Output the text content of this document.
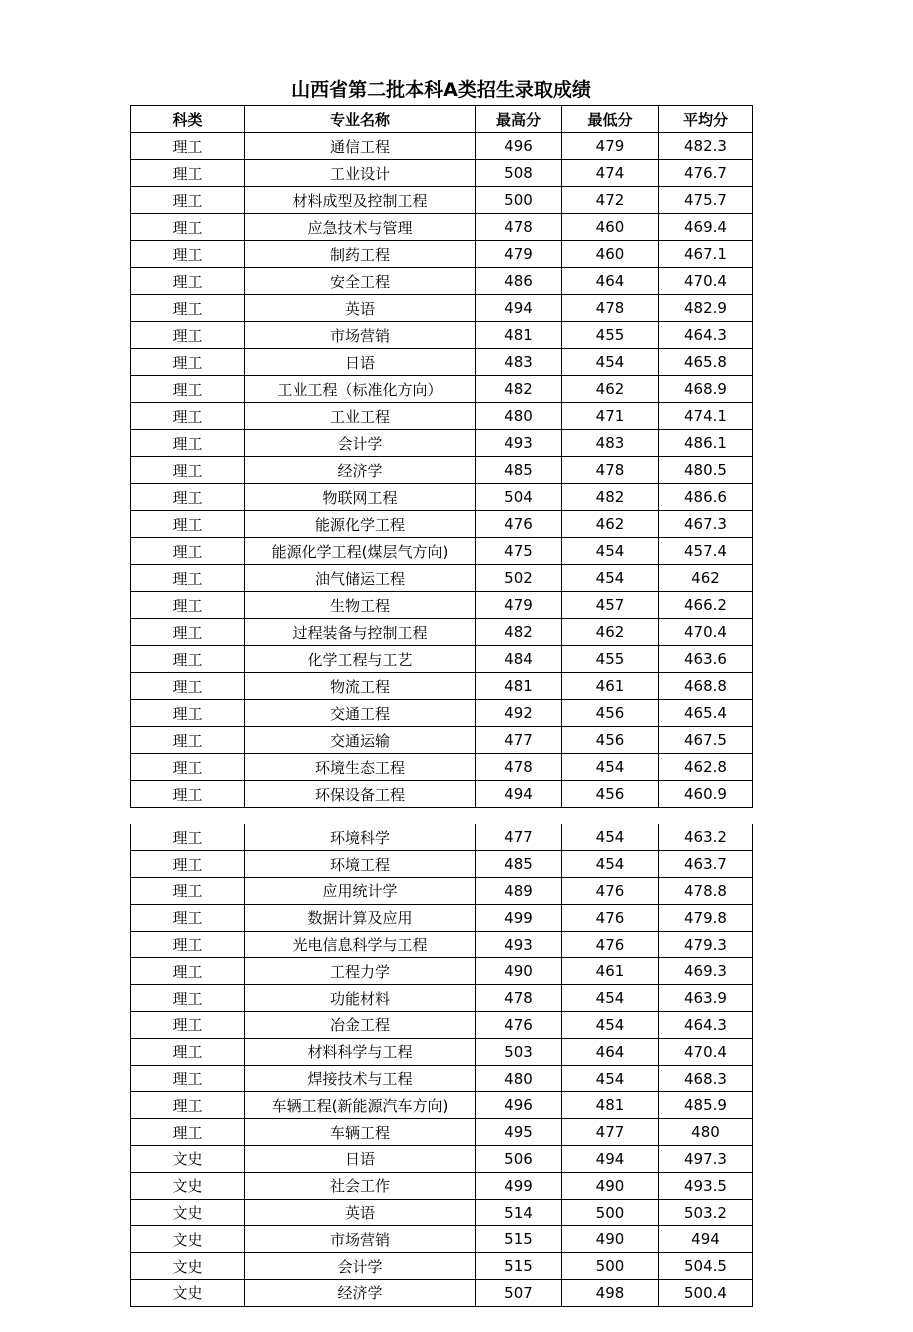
山西省第二批本科A类招生录取成绩
科类	专业名称	最高分	最低分	平均分
理工	通信工程	496	479	482.3
理工	工业设计	508	474	476.7
理工	材料成型及控制工程	500	472	475.7
理工	应急技术与管理	478	460	469.4
理工	制药工程	479	460	467.1
理工	安全工程	486	464	470.4
理工	英语	494	478	482.9
理工	市场营销	481	455	464.3
理工	日语	483	454	465.8
理工	工业工程（标准化方向）	482	462	468.9
理工	工业工程	480	471	474.1
理工	会计学	493	483	486.1
理工	经济学	485	478	480.5
理工	物联网工程	504	482	486.6
理工	能源化学工程	476	462	467.3
理工	能源化学工程(煤层气方向)	475	454	457.4
理工	油气储运工程	502	454	462
理工	生物工程	479	457	466.2
理工	过程装备与控制工程	482	462	470.4
理工	化学工程与工艺	484	455	463.6
理工	物流工程	481	461	468.8
理工	交通工程	492	456	465.4
理工	交通运输	477	456	467.5
理工	环境生态工程	478	454	462.8
理工	环保设备工程	494	456	460.9
理工	环境科学	477	454	463.2
理工	环境工程	485	454	463.7
理工	应用统计学	489	476	478.8
理工	数据计算及应用	499	476	479.8
理工	光电信息科学与工程	493	476	479.3
理工	工程力学	490	461	469.3
理工	功能材料	478	454	463.9
理工	冶金工程	476	454	464.3
理工	材料科学与工程	503	464	470.4
理工	焊接技术与工程	480	454	468.3
理工	车辆工程(新能源汽车方向)	496	481	485.9
理工	车辆工程	495	477	480
文史	日语	506	494	497.3
文史	社会工作	499	490	493.5
文史	英语	514	500	503.2
文史	市场营销	515	490	494
文史	会计学	515	500	504.5
文史	经济学	507	498	500.4
